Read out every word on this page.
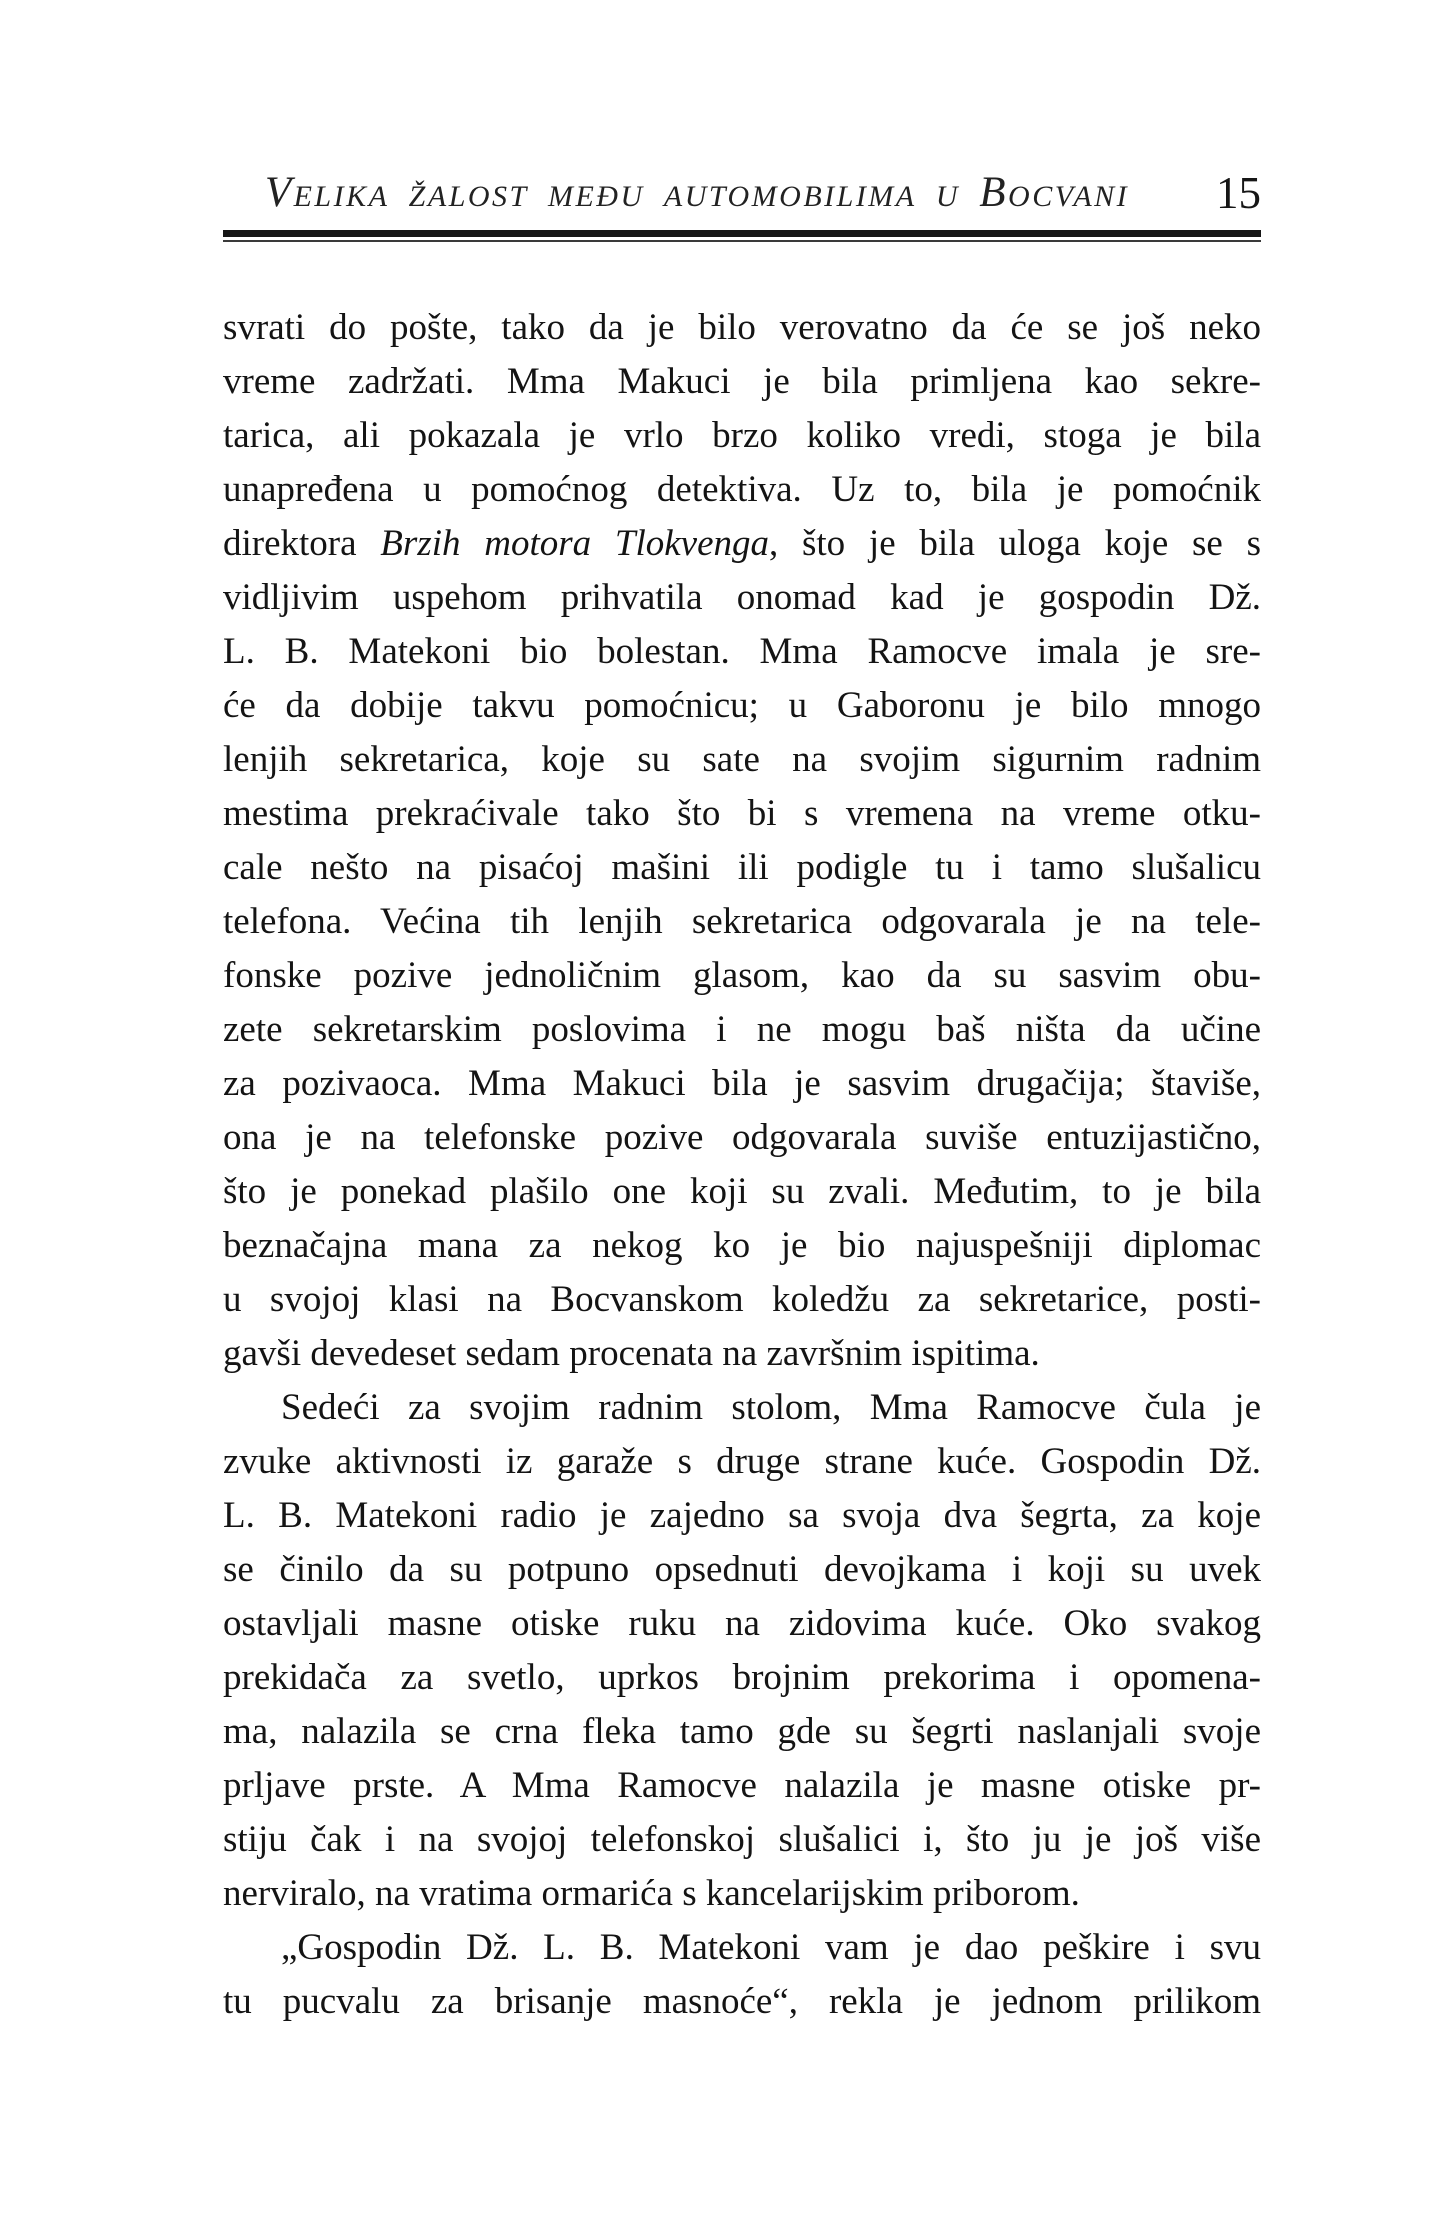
Velika žalost među automobilima u Bocvani	15
svrati do pošte, tako da je bilo verovatno da će se još neko
vreme zadržati. Mma Makuci je bila primljena kao sekre-
tarica, ali pokazala je vrlo brzo koliko vredi, stoga je bila
unapređena u pomoćnog detektiva. Uz to, bila je pomoćnik
direktora Brzih motora Tlokvenga, što je bila uloga koje se s
vidljivim uspehom prihvatila onomad kad je gospodin Dž.
L. B. Matekoni bio bolestan. Mma Ramocve imala je sre-
će da dobije takvu pomoćnicu; u Gaboronu je bilo mnogo
lenjih sekretarica, koje su sate na svojim sigurnim radnim
mestima prekraćivale tako što bi s vremena na vreme otku-
cale nešto na pisaćoj mašini ili podigle tu i tamo slušalicu
telefona. Većina tih lenjih sekretarica odgovarala je na tele-
fonske pozive jednoličnim glasom, kao da su sasvim obu-
zete sekretarskim poslovima i ne mogu baš ništa da učine
za pozivaoca. Mma Makuci bila je sasvim drugačija; štaviše,
ona je na telefonske pozive odgovarala suviše entuzijastično,
što je ponekad plašilo one koji su zvali. Međutim, to je bila
beznačajna mana za nekog ko je bio najuspešniji diplomac
u svojoj klasi na Bocvanskom koledžu za sekretarice, posti-
gavši devedeset sedam procenata na završnim ispitima.
Sedeći za svojim radnim stolom, Mma Ramocve čula je
zvuke aktivnosti iz garaže s druge strane kuće. Gospodin Dž.
L. B. Matekoni radio je zajedno sa svoja dva šegrta, za koje
se činilo da su potpuno opsednuti devojkama i koji su uvek
ostavljali masne otiske ruku na zidovima kuće. Oko svakog
prekidača za svetlo, uprkos brojnim prekorima i opomena-
ma, nalazila se crna fleka tamo gde su šegrti naslanjali svoje
prljave prste. A Mma Ramocve nalazila je masne otiske pr-
stiju čak i na svojoj telefonskoj slušalici i, što ju je još više
nerviralo, na vratima ormarića s kancelarijskim priborom.
„Gospodin Dž. L. B. Matekoni vam je dao peškire i svu
tu pucvalu za brisanje masnoće“, rekla je jednom prilikom
